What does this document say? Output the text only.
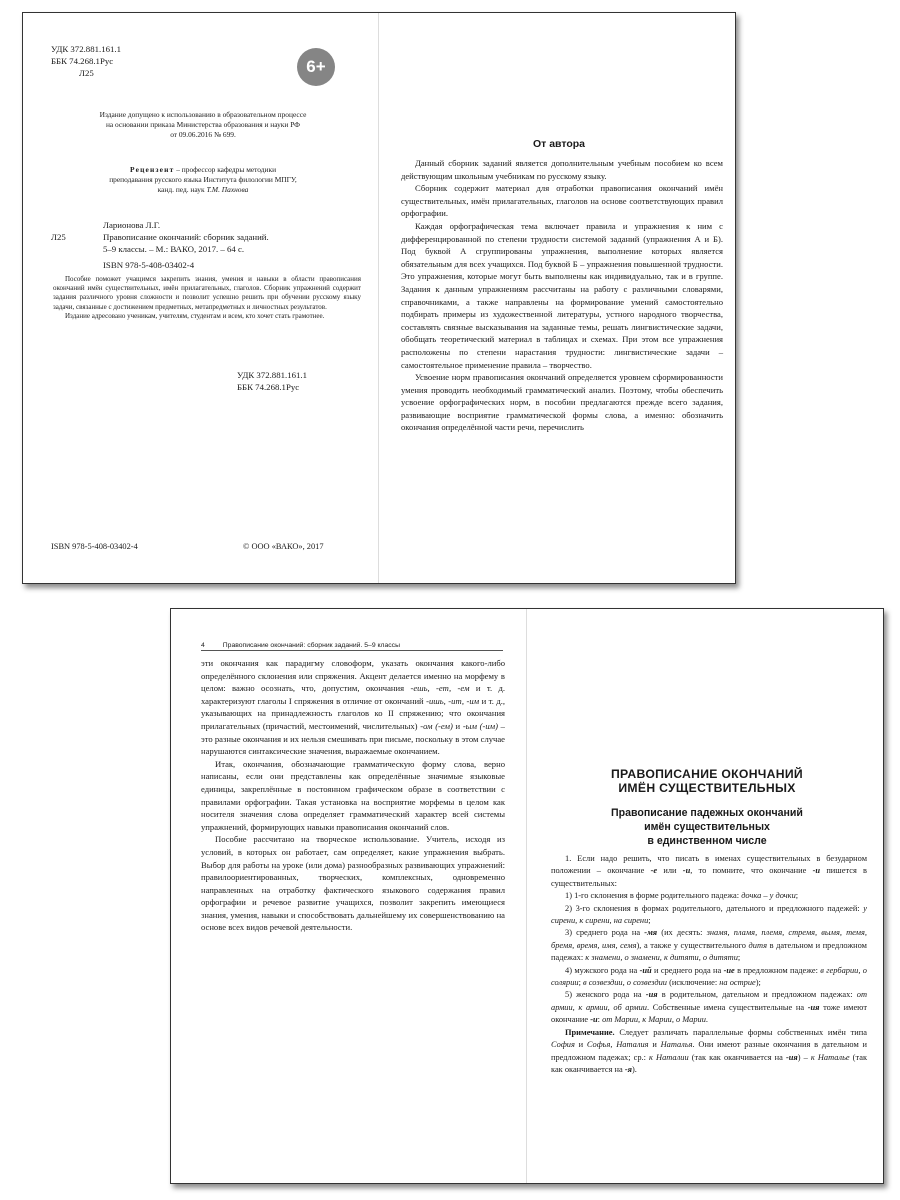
УДК 372.881.161.1
ББК 74.268.1Рус
Л25	6+
Издание допущено к использованию в образовательном процессе
на основании приказа Министерства образования и науки РФ
от 09.06.2016 № 699.
Рецензент – профессор кафедры методики
преподавания русского языка Института филологии МПГУ,
канд. пед. наук Т.М. Пахнова
Ларионова Л.Г.
Правописание окончаний: сборник заданий.
5–9 классы. – М.: ВАКО, 2017. – 64 с.
ISBN 978-5-408-03402-4
Л25

Пособие поможет учащимся закрепить знания, умения и навыки в области правописания окончаний имён существительных, имён прилагательных, глаголов. Сборник упражнений содержит задания различного уровня сложности и позволит успешно решить при обучении русскому языку задачи, связанные с достижением предметных, метапредметных и личностных результатов.

Издание адресовано ученикам, учителям, студентам и всем, кто хочет стать грамотнее.

УДК 372.881.161.1
ББК 74.268.1Рус
ISBN 978-5-408-03402-4	© ООО «ВАКО», 2017
От автора

Данный сборник заданий является дополнительным учебным пособием ко всем действующим школьным учебникам по русскому языку.

Сборник содержит материал для отработки правописания окончаний имён существительных, имён прилагательных, глаголов на основе соответствующих правил орфографии.

Каждая орфографическая тема включает правила и упражнения к ним с дифференцированной по степени трудности системой заданий (упражнения А и Б). Под буквой А сгруппированы упражнения, выполнение которых является обязательным для всех учащихся. Под буквой Б – упражнения повышенной трудности. Это упражнения, которые могут быть выполнены как индивидуально, так и в группе. Задания к данным упражнениям рассчитаны на работу с различными словарями, справочниками, а также направлены на формирование умений самостоятельно подбирать примеры из художественной литературы, устного народного творчества, составлять связные высказывания на заданные темы, решать лингвистические задачи, обобщать теоретический материал в таблицах и схемах. При этом все упражнения расположены по степени нарастания трудности: лингвистические задачи – самостоятельное применение правила – творчество.

Усвоение норм правописания окончаний определяется уровнем сформированности умения проводить необходимый грамматический анализ. Поэтому, чтобы обеспечить усвоение орфографических норм, в пособии предлагаются прежде всего задания, развивающие восприятие грамматической формы слова, а именно: обозначить окончания определённой части речи, перечислить

4	Правописание окончаний: сборник заданий. 5–9 классы

эти окончания как парадигму словоформ, указать окончания какого-либо определённого склонения или спряжения. Акцент делается именно на морфему в целом: важно осознать, что, допустим, окончания -ешь, -ет, -ем и т. д. характеризуют глаголы I спряжения в отличие от окончаний -ишь, -ит, -им и т. д., указывающих на принадлежность глаголов ко II спряжению; что окончания прилагательных (причастий, местоимений, числительных) -ом (-ем) и -ым (-им) – это разные окончания и их нельзя смешивать при письме, поскольку в этом случае нарушаются синтаксические значения, выражаемые окончанием.

Итак, окончания, обозначающие грамматическую форму слова, верно написаны, если они представлены как определённые значимые языковые единицы, закреплённые в постоянном графическом образе в соответствии с правилами орфографии. Такая установка на восприятие морфемы в целом как носителя значения слова определяет грамматический характер всей системы упражнений, формирующих навыки правописания окончаний слов.

Пособие рассчитано на творческое использование. Учитель, исходя из условий, в которых он работает, сам определяет, какие упражнения выбрать. Выбор для работы на уроке (или дома) разнообразных развивающих упражнений: правилоориентированных, творческих, комплексных, одновременно направленных на отработку фактического языкового содержания правил орфографии и речевое развитие учащихся, позволит закрепить имеющиеся знания, умения, навыки и способствовать дальнейшему их совершенствованию на основе всех видов речевой деятельности.

ПРАВОПИСАНИЕ ОКОНЧАНИЙ
ИМЁН СУЩЕСТВИТЕЛЬНЫХ
Правописание падежных окончаний
имён существительных
в единственном числе

1. Если надо решить, что писать в именах существительных в безударном положении – окончание -е или -и, то помните, что окончание -и пишется в существительных:

1) 1-го склонения в форме родительного падежа: дочка – у дочки;

2) 3-го склонения в формах родительного, дательного и предложного падежей: у сирени, к сирени, на сирени;

3) среднего рода на -мя (их десять: знамя, пламя, племя, стремя, вымя, темя, бремя, время, имя, семя), а также у существительного дитя в дательном и предложном падежах: к знамени, о знамени, к дитяти, о дитяти;

4) мужского рода на -ий и среднего рода на -ие в предложном падеже: в гербарии, о солярии; в созвездии, о созвездии (исключение: на острие);

5) женского рода на -ия в родительном, дательном и предложном падежах: от армии, к армии, об армии. Собственные имена существительные на -ия тоже имеют окончание -и: от Марии, к Марии, о Марии.

Примечание. Следует различать параллельные формы собственных имён типа София и Софья, Наталия и Наталья. Они имеют разные окончания в дательном и предложном падежах; ср.: к Наталии (так как оканчивается на -ия) – к Наталье (так как оканчивается на -я).
